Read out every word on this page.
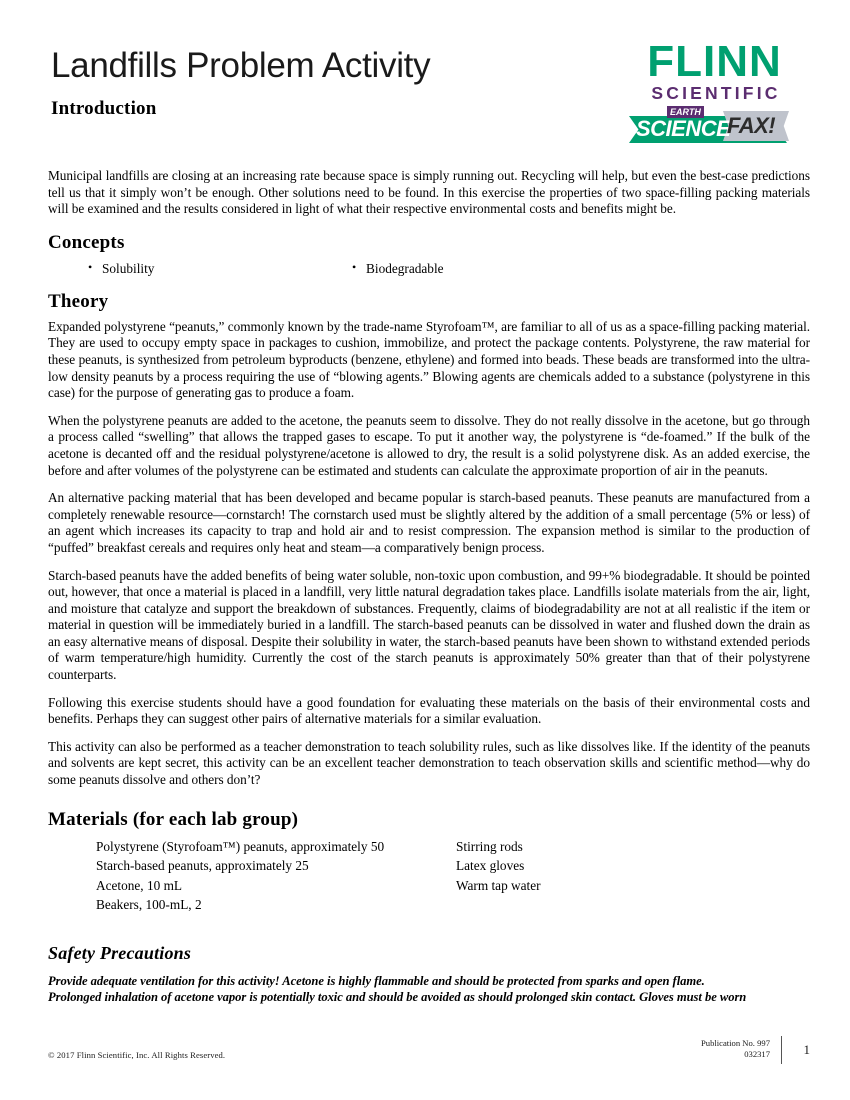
Landfills Problem Activity
Introduction
FLINN
SCIENTIFIC
EARTH
SCIENCE
FAX!

Municipal landfills are closing at an increasing rate because space is simply running out. Recycling will help, but even the best-case predictions tell us that it simply won’t be enough. Other solutions need to be found. In this exercise the properties of two space-filling packing materials will be examined and the results considered in light of what their respective environmental costs and benefits might be.

Concepts
• Solubility	• Biodegradable
Theory

Expanded polystyrene “peanuts,” commonly known by the trade-name Styrofoam™, are familiar to all of us as a space-filling packing material. They are used to occupy empty space in packages to cushion, immobilize, and protect the package contents. Polystyrene, the raw material for these peanuts, is synthesized from petroleum byproducts (benzene, ethylene) and formed into beads. These beads are transformed into the ultra-low density peanuts by a process requiring the use of “blowing agents.” Blowing agents are chemicals added to a substance (polystyrene in this case) for the purpose of generating gas to produce a foam.

When the polystyrene peanuts are added to the acetone, the peanuts seem to dissolve. They do not really dissolve in the acetone, but go through a process called “swelling” that allows the trapped gases to escape. To put it another way, the polystyrene is “de-foamed.” If the bulk of the acetone is decanted off and the residual polystyrene/acetone is allowed to dry, the result is a solid polystyrene disk. As an added exercise, the before and after volumes of the polystyrene can be estimated and students can calculate the approximate proportion of air in the peanuts.

An alternative packing material that has been developed and became popular is starch-based peanuts. These peanuts are manufactured from a completely renewable resource—cornstarch! The cornstarch used must be slightly altered by the addition of a small percentage (5% or less) of an agent which increases its capacity to trap and hold air and to resist compression. The expansion method is similar to the production of “puffed” breakfast cereals and requires only heat and steam—a comparatively benign process.

Starch-based peanuts have the added benefits of being water soluble, non-toxic upon combustion, and 99+% biodegradable. It should be pointed out, however, that once a material is placed in a landfill, very little natural degradation takes place. Landfills isolate materials from the air, light, and moisture that catalyze and support the breakdown of substances. Frequently, claims of biodegradability are not at all realistic if the item or material in question will be immediately buried in a landfill. The starch-based peanuts can be dissolved in water and flushed down the drain as an easy alternative means of disposal. Despite their solubility in water, the starch-based peanuts have been shown to withstand extended periods of warm temperature/high humidity. Currently the cost of the starch peanuts is approximately 50% greater than that of their polystyrene counterparts.

Following this exercise students should have a good foundation for evaluating these materials on the basis of their environmental costs and benefits. Perhaps they can suggest other pairs of alternative materials for a similar evaluation.

This activity can also be performed as a teacher demonstration to teach solubility rules, such as like dissolves like. If the identity of the peanuts and solvents are kept secret, this activity can be an excellent teacher demonstration to teach observation skills and scientific method—why do some peanuts dissolve and others don’t?

Materials (for each lab group)
Polystyrene (Styrofoam™) peanuts, approximately 50
Starch-based peanuts, approximately 25
Acetone, 10 mL
Beakers, 100-mL, 2
Stirring rods
Latex gloves
Warm tap water
Safety Precautions

Provide adequate ventilation for this activity! Acetone is highly flammable and should be protected from sparks and open flame.

Prolonged inhalation of acetone vapor is potentially toxic and should be avoided as should prolonged skin contact. Gloves must be worn

© 2017 Flinn Scientific, Inc. All Rights Reserved.
Publication No. 997
032317	1
